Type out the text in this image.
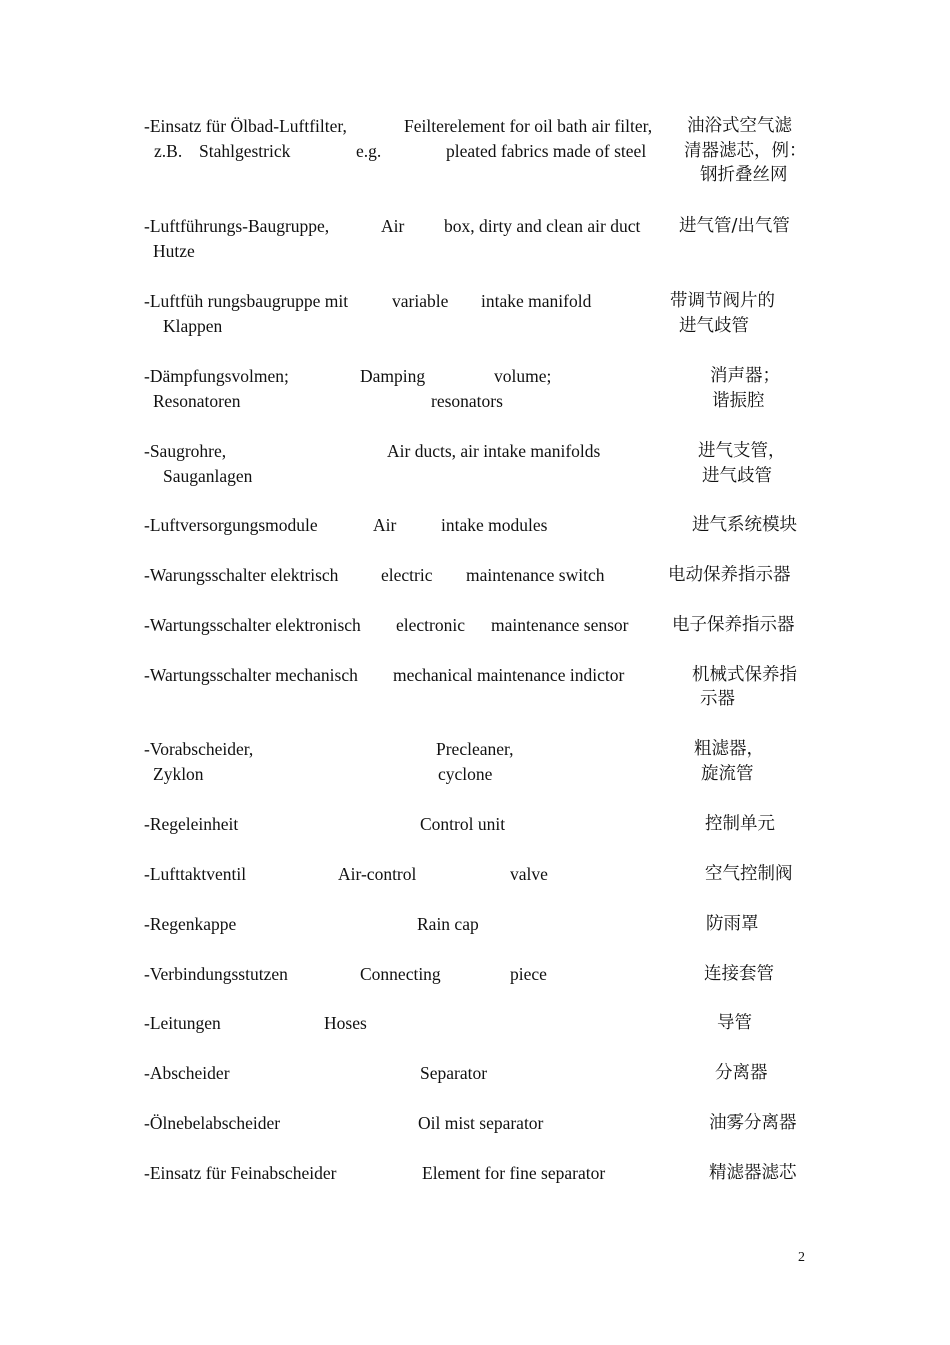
-Einsatz für Ölbad-Luftfilter,	Feilterelement for oil bath air filter, 油浴式空气滤
z.B. Stahlgestrick	e.g.	pleated fabrics made of steel 清器滤芯，例：
钢折叠丝网
-Luftführungs-Baugruppe,	Air box, dirty and clean air duct 进气管/出气管
Hutze
-Luftfüh rungsbaugruppe mit	variable intake manifold	带调节阀片的
Klappen	进气歧管
-Dämpfungsvolmen;	Damping	volume;	消声器；
Resonatoren	resonators	谐振腔
-Saugrohre,	Air ducts, air intake manifolds	进气支管，
Sauganlagen	进气歧管
-Luftversorgungsmodule	Air	intake modules	进气系统模块
-Warungsschalter elektrisch electric maintenance switch	电动保养指示器
-Wartungsschalter elektronisch electronic maintenance sensor 电子保养指示器
-Wartungsschalter mechanisch mechanical maintenance indictor	机械式保养指
示器
-Vorabscheider,	Precleaner,	粗滤器，
Zyklon	cyclone	旋流管
-Regeleinheit	Control unit	控制单元
-Lufttaktventil	Air-control	valve	空气控制阀
-Regenkappe	Rain cap	防雨罩
-Verbindungsstutzen	Connecting	piece	连接套管
-Leitungen	Hoses	导管
-Abscheider	Separator	分离器
-Ölnebelabscheider	Oil mist separator	油雾分离器
-Einsatz für Feinabscheider	Element for fine separator	精滤器滤芯
2
